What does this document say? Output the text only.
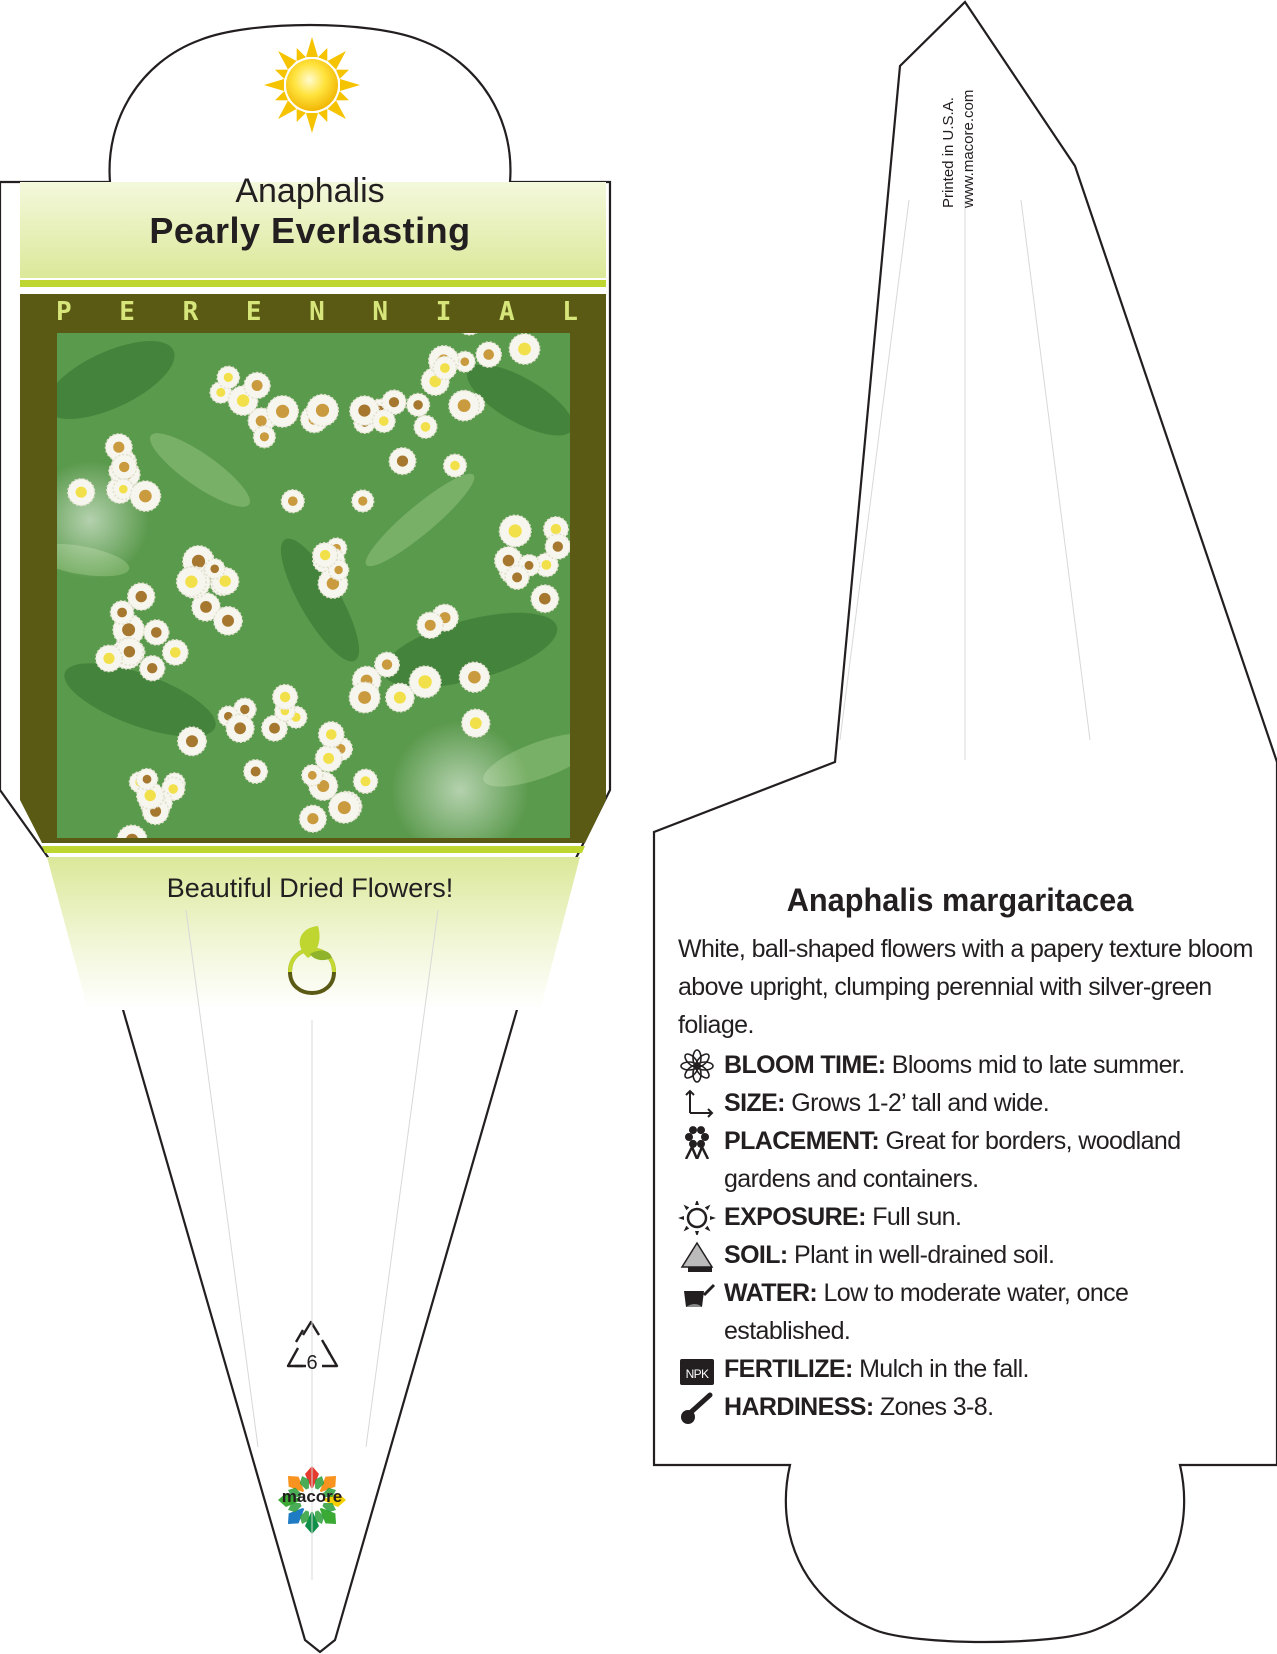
Anaphalis
Pearly Everlasting
P E R E N N I A L
Beautiful Dried Flowers!
6
macore
Printed in U.S.A. www.macore.com
Anaphalis margaritacea
White, ball-shaped flowers with a papery texture bloom above upright, clumping perennial with silver-green foliage.
BLOOM TIME: Blooms mid to late summer.
SIZE: Grows 1-2’ tall and wide.
PLACEMENT: Great for borders, woodland gardens and containers.
EXPOSURE: Full sun.
SOIL: Plant in well-drained soil.
WATER: Low to moderate water, once established.
NPK FERTILIZE: Mulch in the fall.
HARDINESS: Zones 3-8.
